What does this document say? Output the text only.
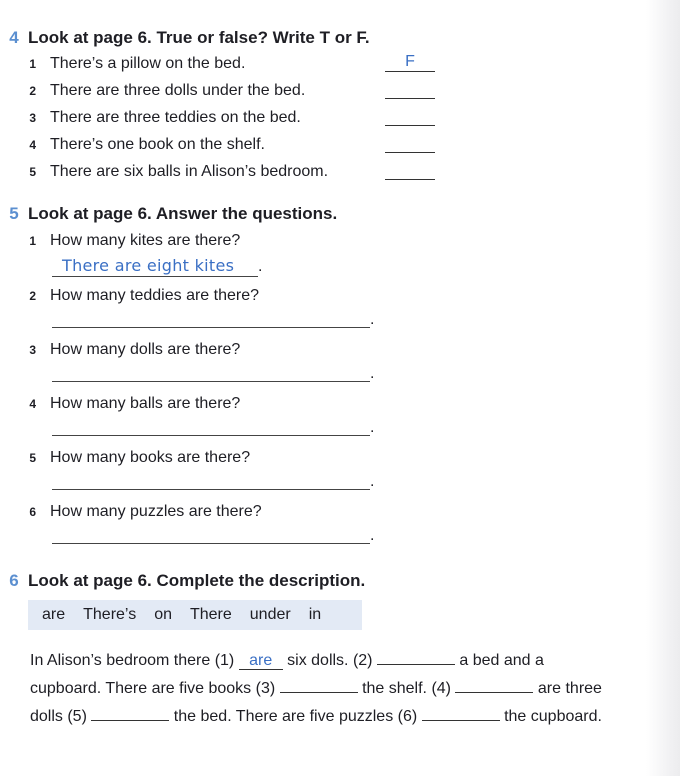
4 Look at page 6. True or false? Write T or F.
1 There’s a pillow on the bed.	F
2 There are three dolls under the bed.
3 There are three teddies on the bed.
4 There’s one book on the shelf.
5 There are six balls in Alison’s bedroom.
5 Look at page 6. Answer the questions.
1 How many kites are there?
There are eight kites	.
2 How many teddies are there?
.
3 How many dolls are there?
.
4 How many balls are there?
.
5 How many books are there?
.
6 How many puzzles are there?
.
6 Look at page 6. Complete the description.
are There’s on There under in
In Alison’s bedroom there (1) are six dolls. (2)	a bed and a
cupboard. There are five books (3)	the shelf. (4)	are three
dolls (5)	the bed. There are five puzzles (6)	the cupboard.
